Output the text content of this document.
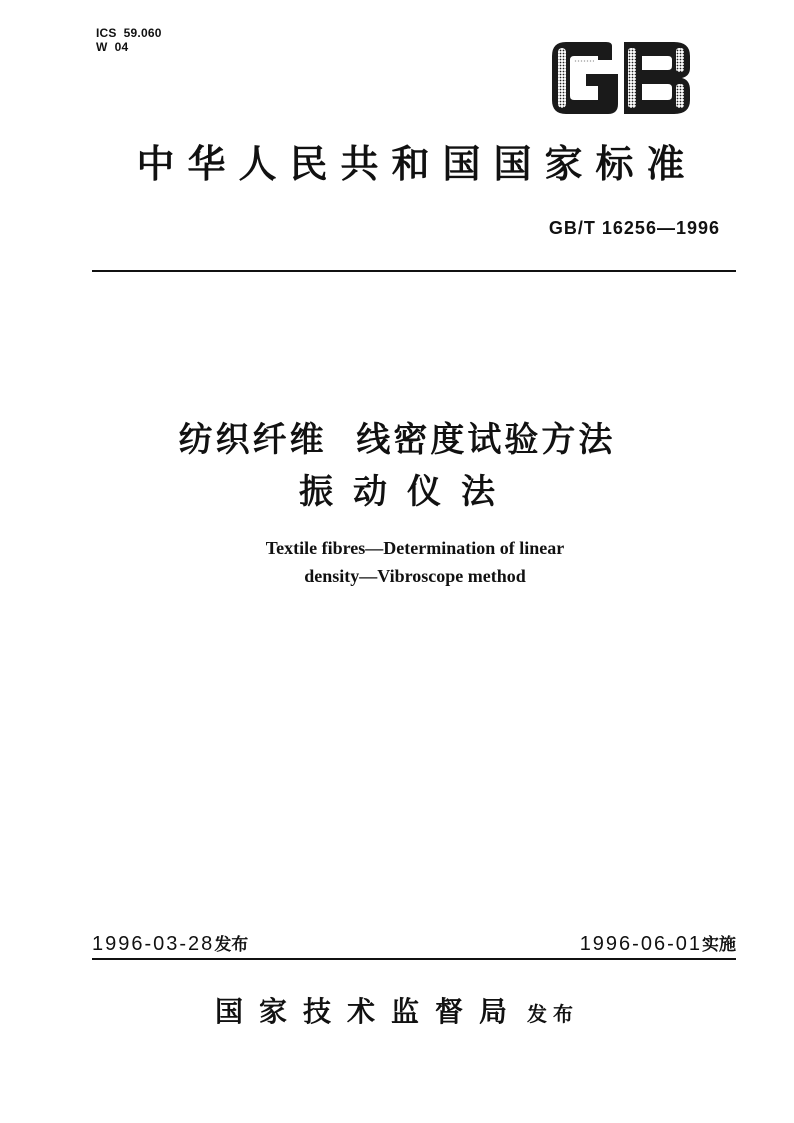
ICS  59.060
W  04
中华人民共和国国家标准
GB/T 16256—1996
纺织纤维  线密度试验方法
振动仪法
Textile fibres—Determination of linear
density—Vibroscope method
1996-03-28发布	1996-06-01实施
国家技术监督局 发布
